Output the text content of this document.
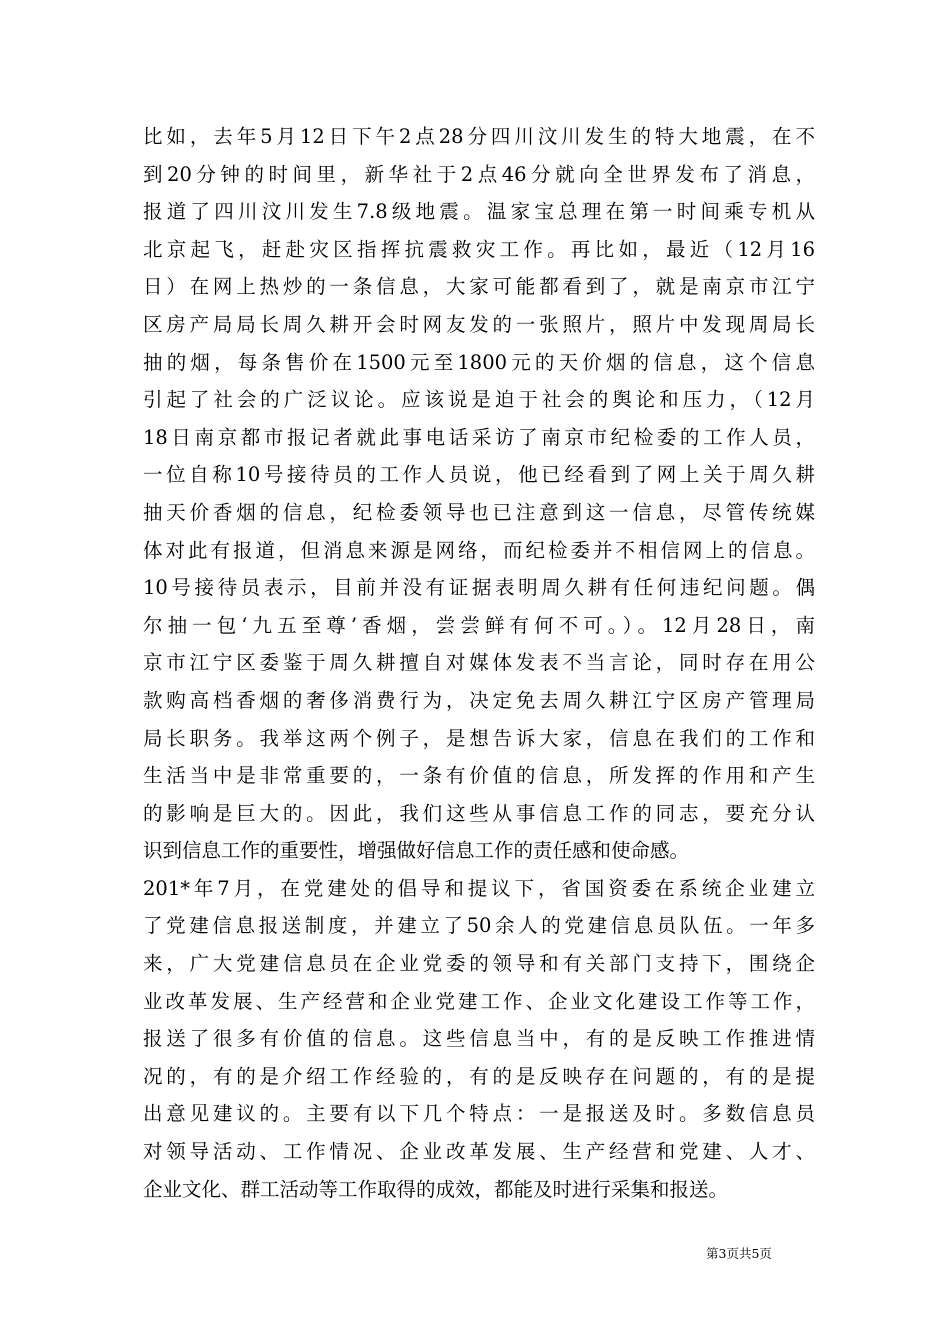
比如，去年5月12日下午2点28分四川汶川发生的特大地震，在不
到20分钟的时间里，新华社于2点46分就向全世界发布了消息，
报道了四川汶川发生7.8级地震。温家宝总理在第一时间乘专机从
北京起飞，赶赴灾区指挥抗震救灾工作。再比如，最近（12月16
日）在网上热炒的一条信息，大家可能都看到了，就是南京市江宁
区房产局局长周久耕开会时网友发的一张照片，照片中发现周局长
抽的烟，每条售价在1500元至1800元的天价烟的信息，这个信息
引起了社会的广泛议论。应该说是迫于社会的舆论和压力，（12月
18日南京都市报记者就此事电话采访了南京市纪检委的工作人员，
一位自称10号接待员的工作人员说，他已经看到了网上关于周久耕
抽天价香烟的信息，纪检委领导也已注意到这一信息，尽管传统媒
体对此有报道，但消息来源是网络，而纪检委并不相信网上的信息。
10号接待员表示，目前并没有证据表明周久耕有任何违纪问题。偶
尔抽一包‘九五至尊’香烟，尝尝鲜有何不可。）。12月28日，南
京市江宁区委鉴于周久耕擅自对媒体发表不当言论，同时存在用公
款购高档香烟的奢侈消费行为，决定免去周久耕江宁区房产管理局
局长职务。我举这两个例子，是想告诉大家，信息在我们的工作和
生活当中是非常重要的，一条有价值的信息，所发挥的作用和产生
的影响是巨大的。因此，我们这些从事信息工作的同志，要充分认
识到信息工作的重要性，增强做好信息工作的责任感和使命感。
201*年7月，在党建处的倡导和提议下，省国资委在系统企业建立
了党建信息报送制度，并建立了50余人的党建信息员队伍。一年多
来，广大党建信息员在企业党委的领导和有关部门支持下，围绕企
业改革发展、生产经营和企业党建工作、企业文化建设工作等工作，
报送了很多有价值的信息。这些信息当中，有的是反映工作推进情
况的，有的是介绍工作经验的，有的是反映存在问题的，有的是提
出意见建议的。主要有以下几个特点：一是报送及时。多数信息员
对领导活动、工作情况、企业改革发展、生产经营和党建、人才、
企业文化、群工活动等工作取得的成效，都能及时进行采集和报送。
第3页共5页
